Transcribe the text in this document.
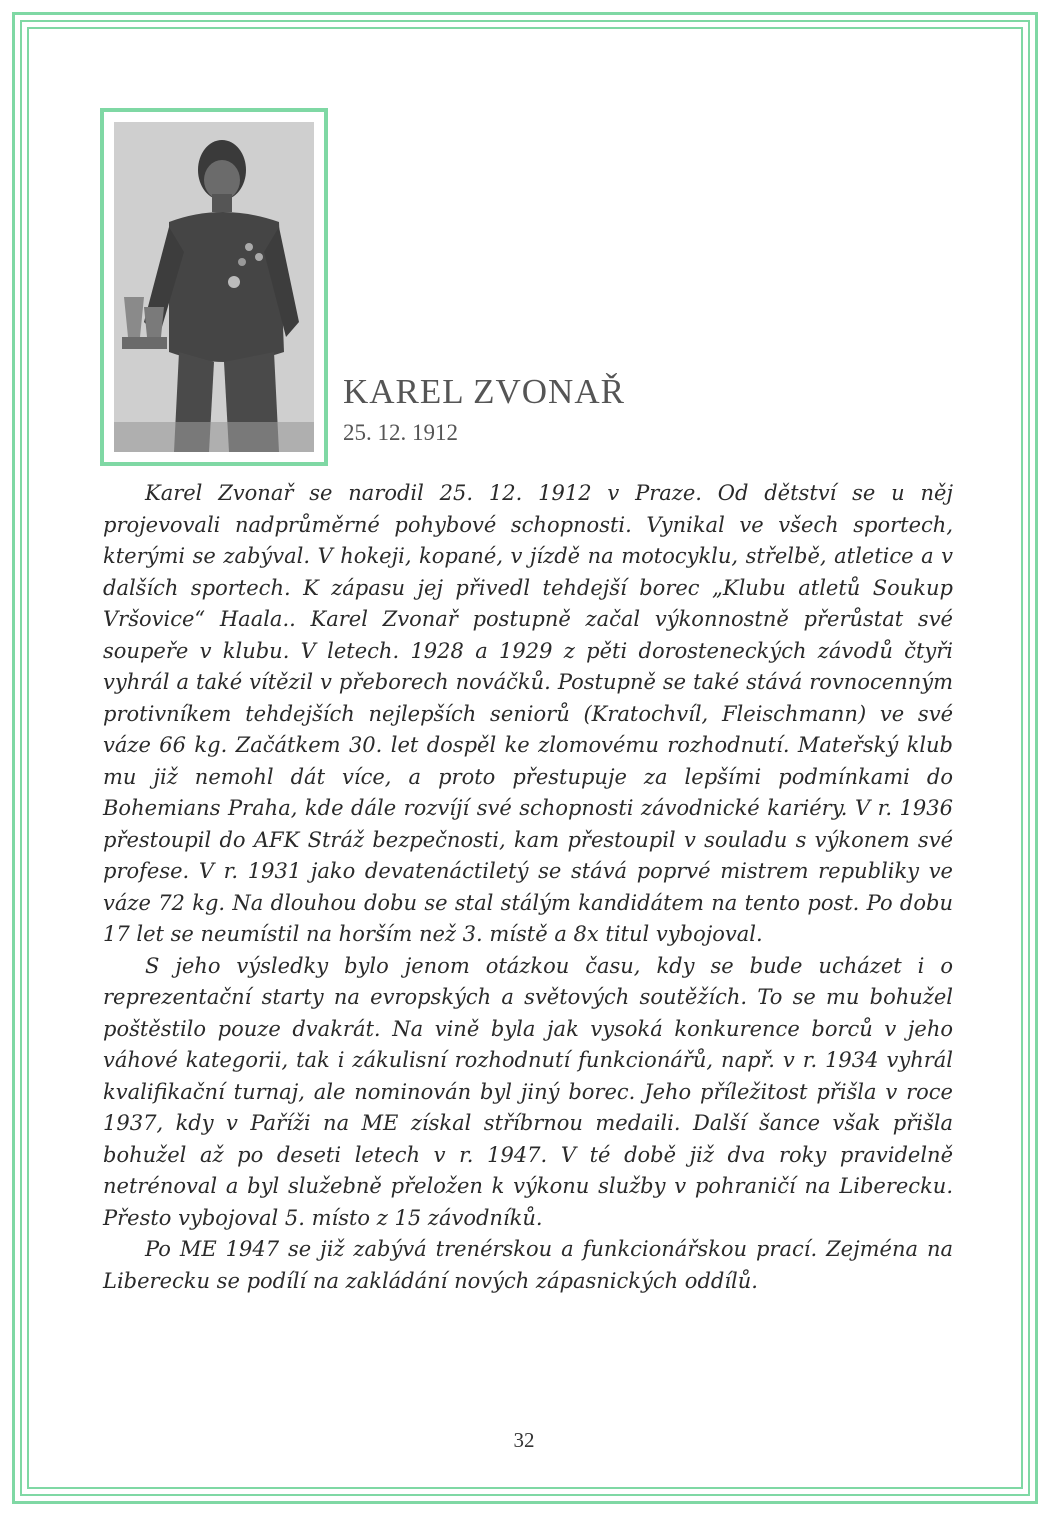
KAREL ZVONAŘ
25. 12. 1912

Karel Zvonař se narodil 25. 12. 1912 v Praze. Od dětství se u něj projevovali nadprůměrné pohybové schopnosti. Vynikal ve všech sportech, kterými se zabýval. V hokeji, kopané, v jízdě na motocyklu, střelbě, atletice a v dalších sportech. K zápasu jej přivedl tehdejší borec „Klubu atletů Soukup Vršovice“ Haala.. Karel Zvonař postupně začal výkonnostně přerůstat své soupeře v klubu. V letech. 1928 a 1929 z pěti dorosteneckých závodů čtyři vyhrál a také vítězil v přeborech nováčků. Postupně se také stává rovnocenným protivníkem tehdejších nejlepších seniorů (Kratochvíl, Fleischmann) ve své váze 66 kg. Začátkem 30. let dospěl ke zlomovému rozhodnutí. Mateřský klub mu již nemohl dát více, a proto přestupuje za lepšími podmínkami do Bohemians Praha, kde dále rozvíjí své schopnosti závodnické kariéry. V r. 1936 přestoupil do AFK Stráž bezpečnosti, kam přestoupil v souladu s výkonem své profese. V r. 1931 jako devatenáctiletý se stává poprvé mistrem republiky ve váze 72 kg. Na dlouhou dobu se stal stálým kandidátem na tento post. Po dobu 17 let se neumístil na horším než 3. místě a 8x titul vybojoval.

S jeho výsledky bylo jenom otázkou času, kdy se bude ucházet i o reprezentační starty na evropských a světových soutěžích. To se mu bohužel poštěstilo pouze dvakrát. Na vině byla jak vysoká konkurence borců v jeho váhové kategorii, tak i zákulisní rozhodnutí funkcionářů, např. v r. 1934 vyhrál kvalifikační turnaj, ale nominován byl jiný borec. Jeho příležitost přišla v roce 1937, kdy v Paříži na ME získal stříbrnou medaili. Další šance však přišla bohužel až po deseti letech v r. 1947. V té době již dva roky pravidelně netrénoval a byl služebně přeložen k výkonu služby v pohraničí na Liberecku. Přesto vybojoval 5. místo z 15 závodníků.

Po ME 1947 se již zabývá trenérskou a funkcionářskou prací. Zejména na Liberecku se podílí na zakládání nových zápasnických oddílů.

32
